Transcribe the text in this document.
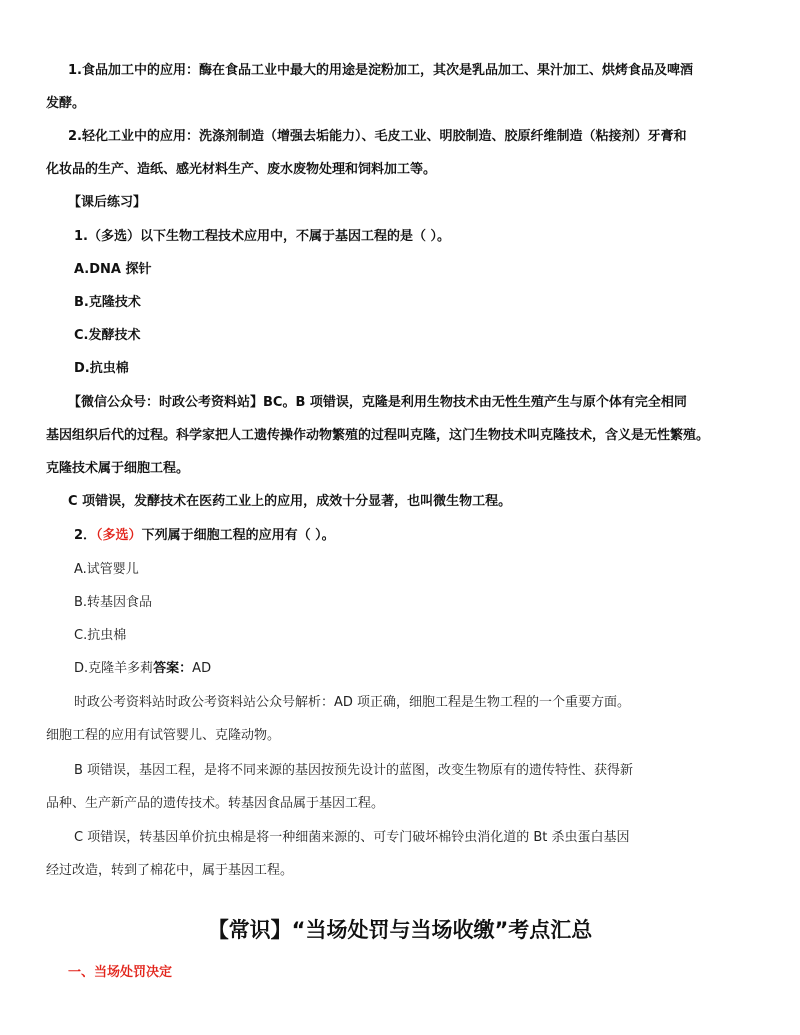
1.食品加工中的应用：酶在食品工业中最大的用途是淀粉加工，其次是乳品加工、果汁加工、烘烤食品及啤酒

发酵。

2.轻化工业中的应用：洗涤剂制造（增强去垢能力）、毛皮工业、明胶制造、胶原纤维制造（粘接剂）牙膏和

化妆品的生产、造纸、感光材料生产、废水废物处理和饲料加工等。

【课后练习】

1.（多选）以下生物工程技术应用中，不属于基因工程的是（ ）。

A.DNA 探针

B.克隆技术

C.发酵技术

D.抗虫棉

【微信公众号：时政公考资料站】BC。B 项错误，克隆是利用生物技术由无性生殖产生与原个体有完全相同

基因组织后代的过程。科学家把人工遗传操作动物繁殖的过程叫克隆，这门生物技术叫克隆技术，含义是无性繁殖。

克隆技术属于细胞工程。

C 项错误，发酵技术在医药工业上的应用，成效十分显著，也叫微生物工程。

2．（多选）下列属于细胞工程的应用有（ ）。

A.试管婴儿

B.转基因食品

C.抗虫棉

D.克隆羊多莉答案：AD

时政公考资料站时政公考资料站公众号解析：AD 项正确，细胞工程是生物工程的一个重要方面。

细胞工程的应用有试管婴儿、克隆动物。

B 项错误，基因工程，是将不同来源的基因按预先设计的蓝图，改变生物原有的遗传特性、获得新

品种、生产新产品的遗传技术。转基因食品属于基因工程。

C 项错误，转基因单价抗虫棉是将一种细菌来源的、可专门破坏棉铃虫消化道的 Bt 杀虫蛋白基因

经过改造，转到了棉花中，属于基因工程。

【常识】“当场处罚与当场收缴”考点汇总

一、当场处罚决定
